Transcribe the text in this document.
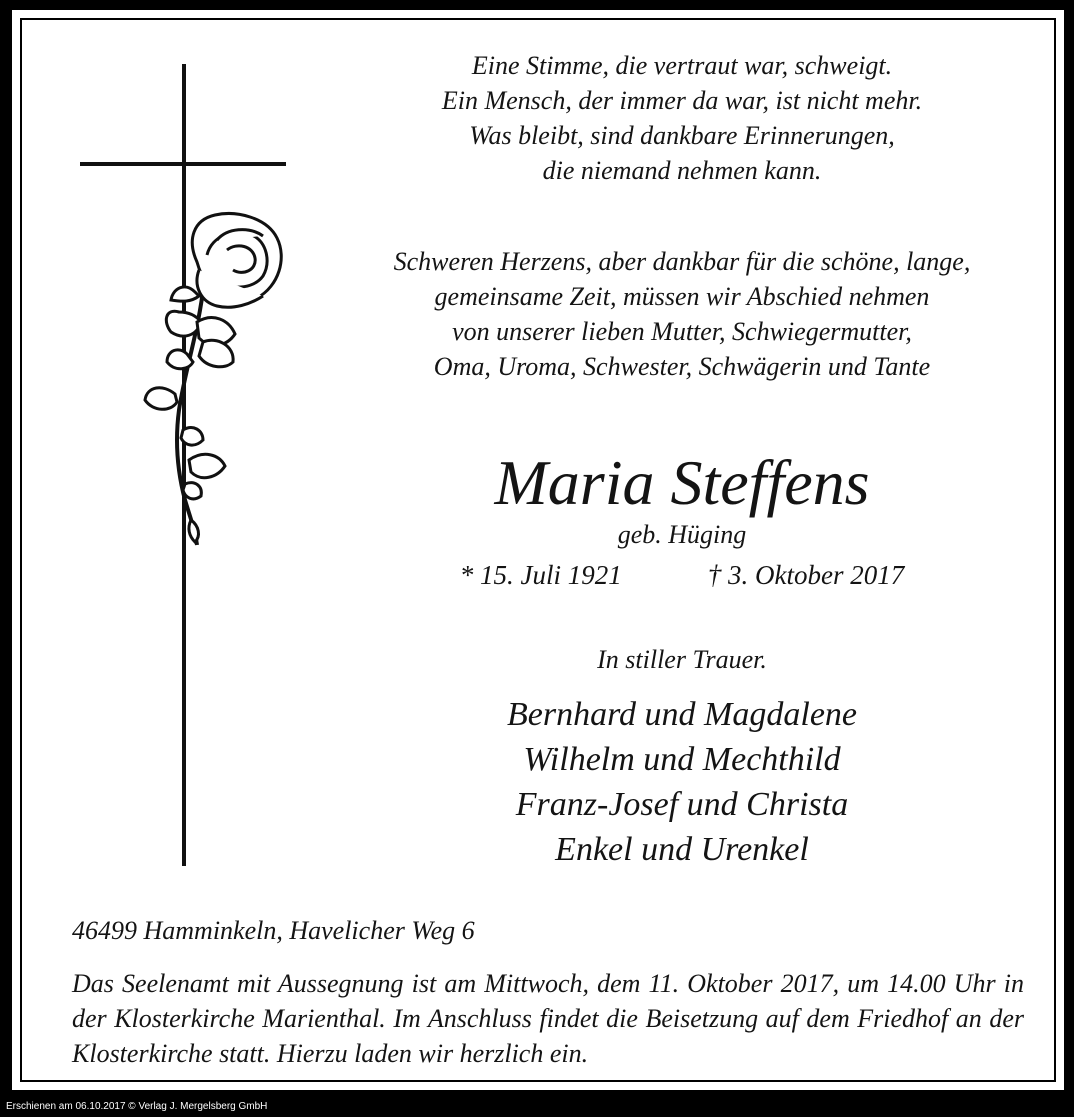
Eine Stimme, die vertraut war, schweigt.
Ein Mensch, der immer da war, ist nicht mehr.
Was bleibt, sind dankbare Erinnerungen,
die niemand nehmen kann.
Schweren Herzens, aber dankbar für die schöne, lange,
gemeinsame Zeit, müssen wir Abschied nehmen
von unserer lieben Mutter, Schwiegermutter,
Oma, Uroma, Schwester, Schwägerin und Tante
Maria Steffens
geb. Hüging
* 15. Juli 1921	† 3. Oktober 2017
In stiller Trauer.
Bernhard und Magdalene
Wilhelm und Mechthild
Franz-Josef und Christa
Enkel und Urenkel
46499 Hamminkeln, Havelicher Weg 6
Das Seelenamt mit Aussegnung ist am Mittwoch, dem 11. Oktober 2017, um 14.00 Uhr in der Klosterkirche Marienthal. Im Anschluss findet die Beisetzung auf dem Friedhof an der Klosterkirche statt. Hierzu laden wir herzlich ein.
Erschienen am 06.10.2017 © Verlag J. Mergelsberg GmbH
